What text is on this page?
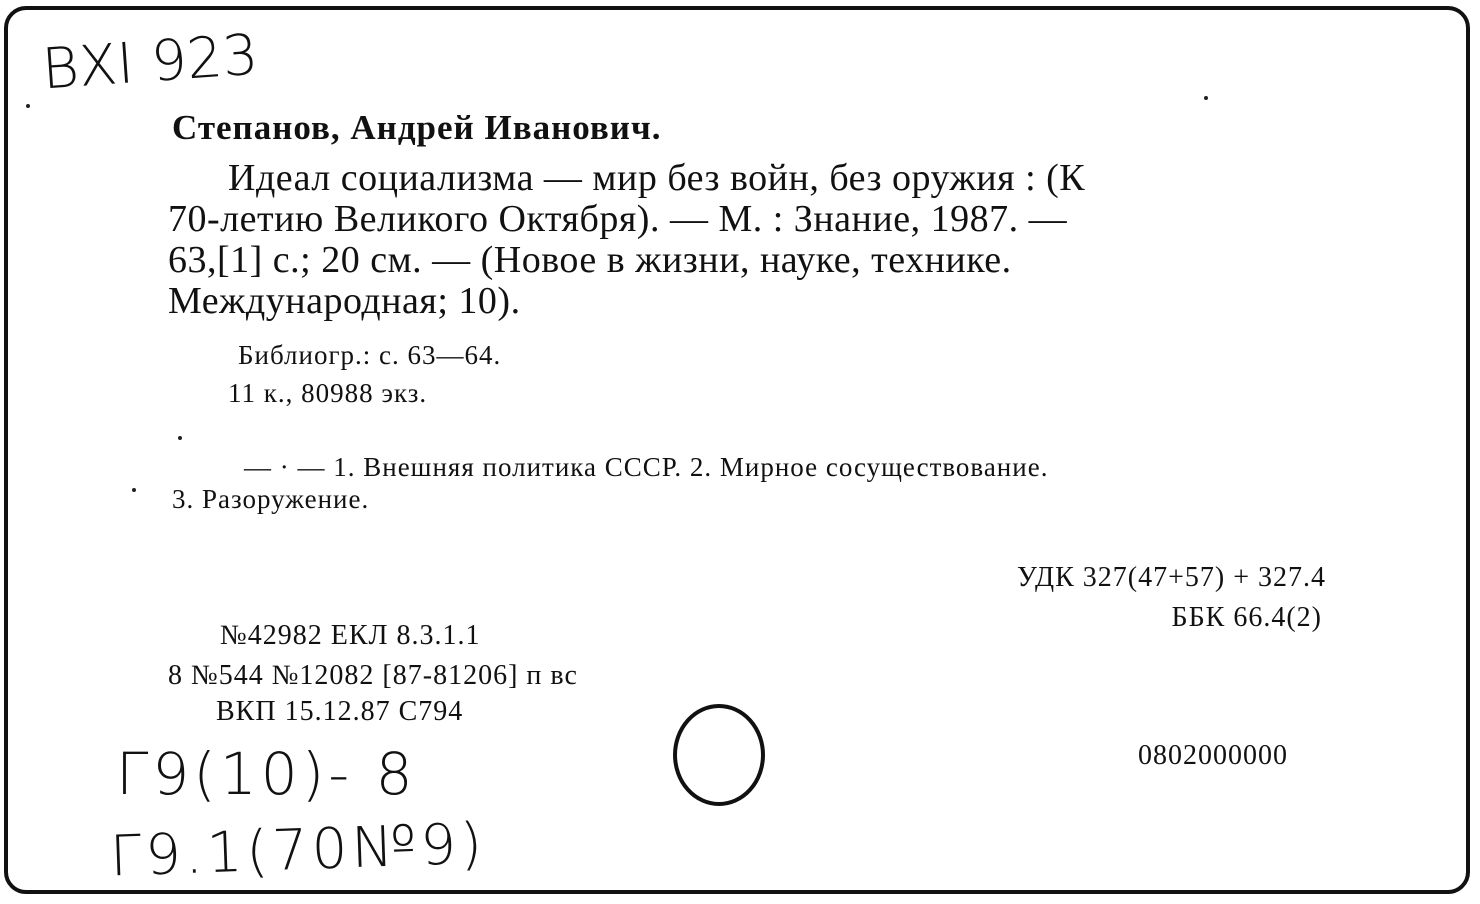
ВХI 923
Степанов, Андрей Иванович.
Идеал социализма — мир без войн, без оружия : (К
70-летию Великого Октября). — М. : Знание, 1987. —
63,[1] с.; 20 см. — (Новое в жизни, науке, технике.
Международная; 10).
Библиогр.: с. 63—64.
11 к., 80988 экз.
— · — 1. Внешняя политика СССР. 2. Мирное сосуществование.
3. Разоружение.
УДК 327(47+57) + 327.4
ББК 66.4(2)
№42982 ЕКЛ 8.3.1.1
8 №544 №12082 [87-81206] п вс
ВКП 15.12.87 С794
0802000000
Г9(10)- 8
Г9.1(70№9)
